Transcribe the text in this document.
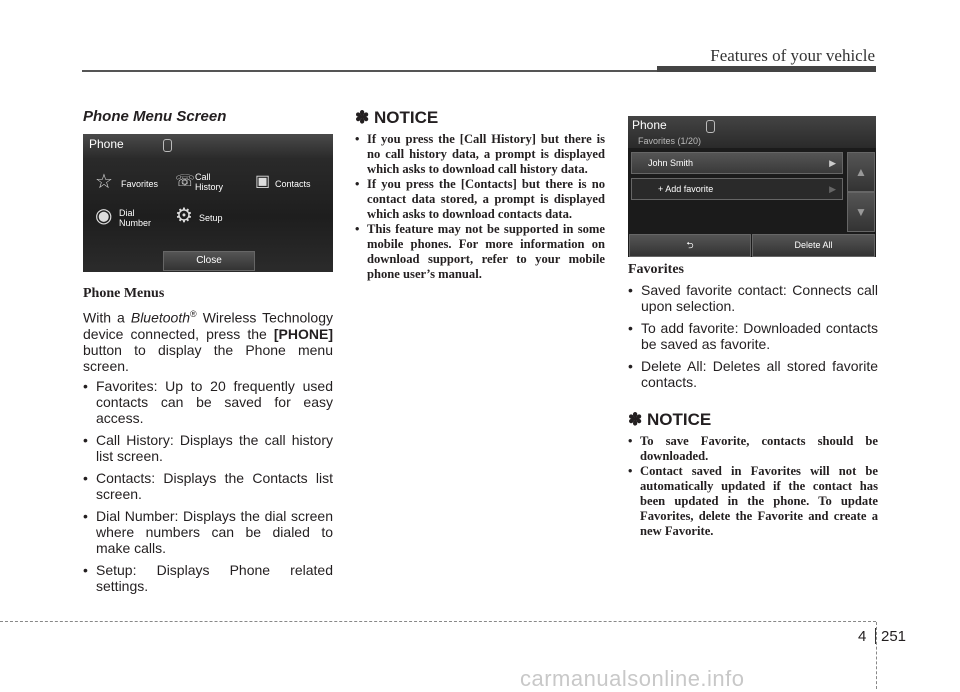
Features of your vehicle
Phone Menu Screen
Phone
☆ Favorites ☏ Call
History ▣ Contacts
◉ Dial
Number ⚙ Setup
Close
Phone Menus

With a Bluetooth® Wireless Technology device connected, press the [PHONE] button to display the Phone menu screen.

• Favorites: Up to 20 frequently used contacts can be saved for easy access.
• Call History: Displays the call history list screen.
• Contacts: Displays the Contacts list screen.
• Dial Number: Displays the dial screen where numbers can be dialed to make calls.
• Setup: Displays Phone related settings.
✽ NOTICE
• If you press the [Call History] but there is no call history data, a prompt is displayed which asks to download call history data.
• If you press the [Contacts] but there is no contact data stored, a prompt is displayed which asks to download contacts data.
• This feature may not be supported in some mobile phones. For more information on download support, refer to your mobile phone user’s manual.
Phone
Favorites (1/20)
John Smith	▶
+ Add favorite	▶
▲
▼
⮌	Delete All
Favorites
• Saved favorite contact: Connects call upon selection.
• To add favorite: Downloaded contacts be saved as favorite.
• Delete All: Deletes all stored favorite contacts.
✽ NOTICE
• To save Favorite, contacts should be downloaded.
• Contact saved in Favorites will not be automatically updated if the contact has been updated in the phone. To update Favorites, delete the Favorite and create a new Favorite.
4 251
carmanualsonline.info
